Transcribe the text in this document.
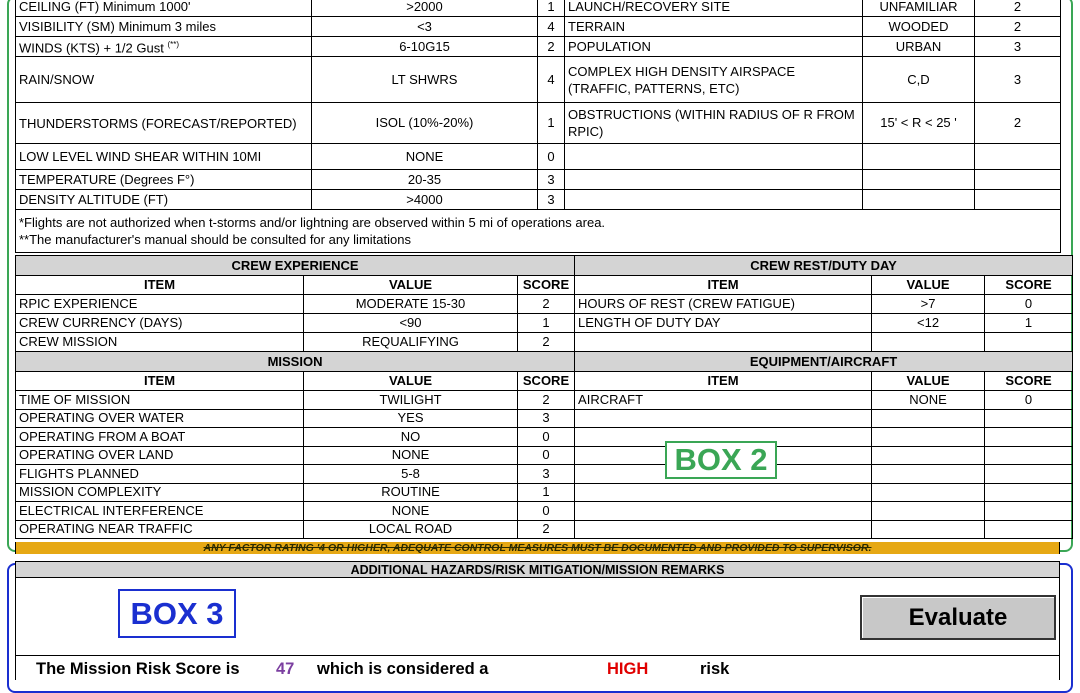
CEILING (FT) Minimum 1000'	>2000	1	LAUNCH/RECOVERY SITE	UNFAMILIAR	2
VISIBILITY (SM) Minimum 3 miles	<3	4	TERRAIN	WOODED	2
WINDS (KTS) + 1/2 Gust (**)	6-10G15	2	POPULATION	URBAN	3
RAIN/SNOW	LT SHWRS	4	COMPLEX HIGH DENSITY AIRSPACE (TRAFFIC, PATTERNS, ETC)	C,D	3
THUNDERSTORMS (FORECAST/REPORTED)	ISOL (10%-20%)	1	OBSTRUCTIONS (WITHIN RADIUS OF R FROM RPIC)	15' < R < 25 '	2
LOW LEVEL WIND SHEAR WITHIN 10MI	NONE	0			
TEMPERATURE (Degrees F°)	20-35	3			
DENSITY ALTITUDE (FT)	>4000	3			

*Flights are not authorized when t-storms and/or lightning are observed within 5 mi of operations area.
**The manufacturer's manual should be consulted for any limitations					
CREW EXPERIENCE			CREW REST/DUTY DAY		
ITEM	VALUE	SCORE	ITEM	VALUE	SCORE
RPIC EXPERIENCE	MODERATE 15-30	2	HOURS OF REST (CREW FATIGUE)	>7	0
CREW CURRENCY (DAYS)	<90	1	LENGTH OF DUTY DAY	<12	1
CREW MISSION	REQUALIFYING	2			
MISSION			EQUIPMENT/AIRCRAFT		
ITEM	VALUE	SCORE	ITEM	VALUE	SCORE
TIME OF MISSION	TWILIGHT	2	AIRCRAFT	NONE	0
OPERATING OVER WATER	YES	3			
OPERATING FROM A BOAT	NO	0			
OPERATING OVER LAND	NONE	0			
FLIGHTS PLANNED	5-8	3			
MISSION COMPLEXITY	ROUTINE	1			
ELECTRICAL INTERFERENCE	NONE	0			
OPERATING NEAR TRAFFIC	LOCAL ROAD	2			
BOX 2
ANY FACTOR RATING '4 OR HIGHER, ADEQUATE CONTROL MEASURES MUST BE DOCUMENTED AND PROVIDED TO SUPERVISOR.
ADDITIONAL HAZARDS/RISK MITIGATION/MISSION REMARKS
BOX 3	Evaluate
The Mission Risk Score is 47 which is considered a	HIGH	risk
